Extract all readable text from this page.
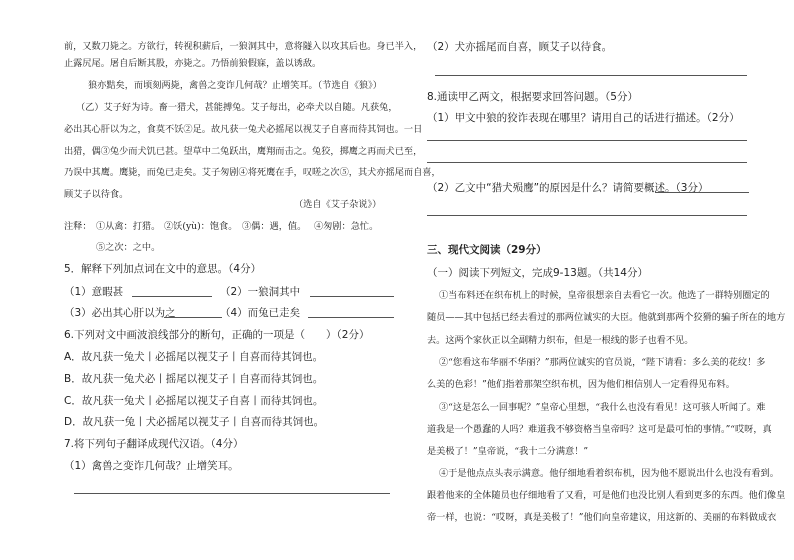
前，又数刀毙之。方欲行，转视积薪后，一狼洞其中，意将隧入以攻其后也。身已半入，
止露尻尾。屠自后断其股，亦毙之。乃悟前狼假寐，盖以诱敌。
狼亦黠矣，而顷刻两毙，禽兽之变诈几何哉？止增笑耳。
（节选自《狼》）
（乙）艾子好为诗。畜一猎犬，甚能搏兔。艾子每出，必牵犬以自随。凡获兔，
必出其心肝以为之，食莫不饫②足。故凡获一兔犬必摇尾以视艾子自喜而待其饲也。一日
出猎，偶③兔少而犬饥已甚。望草中二兔跃出，鹰翔而击之。兔狡，掷鹰之再而犬已至，
乃误中其鹰。鹰毙，而兔已走矣。艾子匆剧④将死鹰在手，叹嗟之次⑤，其犬亦摇尾而自喜，
顾艾子以待食。
（选自《艾子杂说》）
注释： ①从禽：打猎。 ②饫(yù)：饱食。 ③偶：遇，值。 ④匆剧：急忙。
⑤之次：之中。
5．解释下列加点词在文中的意思。（4分）
（1）意暇甚	（2）一狼洞其中
（3）必出其心肝以为之	（4）而兔已走矣
6.下列对文中画波浪线部分的断句，正确的一项是（　　）（2分）
A．故凡获一兔犬丨必摇尾以视艾子丨自喜而待其饲也。
B．故凡获一兔犬必丨摇尾以视艾子丨自喜而待其饲也。
C．故凡获一兔犬丨必摇尾以视艾子自喜丨而待其饲也。
D．故凡获一兔丨犬必摇尾以视艾子丨自喜而待其饲也。
7.将下列句子翻译成现代汉语。（4分）
（1）禽兽之变诈几何哉？止增笑耳。
（2）犬亦摇尾而自喜，顾艾子以待食。
8.通读甲乙两文，根据要求回答问题。（5分）
（1）甲文中狼的狡诈表现在哪里？请用自己的话进行描述。（2分）
（2）乙文中“猎犬殒鹰”的原因是什么？请简要概述。（3分）
三、现代文阅读（29分）
（一）阅读下列短文，完成9-13题。（共14分）
①当布料还在织布机上的时候，皇帝很想亲自去看它一次。他选了一群特别圈定的
随员——其中包括已经去看过的那两位诚实的大臣。他就到那两个狡猾的骗子所在的地方
去。这两个家伙正以全副精力织布，但是一根线的影子也看不见。
②“您看这布华丽不华丽？”那两位诚实的官员说，“陛下请看：多么美的花纹！多
么美的色彩！”他们指着那架空织布机，因为他们相信别人一定看得见布料。
③“这是怎么一回事呢？”皇帝心里想，“我什么也没有看见！这可骇人听闻了。难
道我是一个愚蠢的人吗？难道我不够资格当皇帝吗？这可是最可怕的事情。”“哎呀，真
是美极了！”皇帝说，“我十二分满意！”
④于是他点点头表示满意。他仔细地看着织布机，因为他不愿说出什么也没有看到。
跟着他来的全体随员也仔细地看了又看，可是他们也没比别人看到更多的东西。他们像皇
帝一样，也说：“哎呀，真是美极了！”他们向皇帝建议，用这新的、美丽的布料做成衣
